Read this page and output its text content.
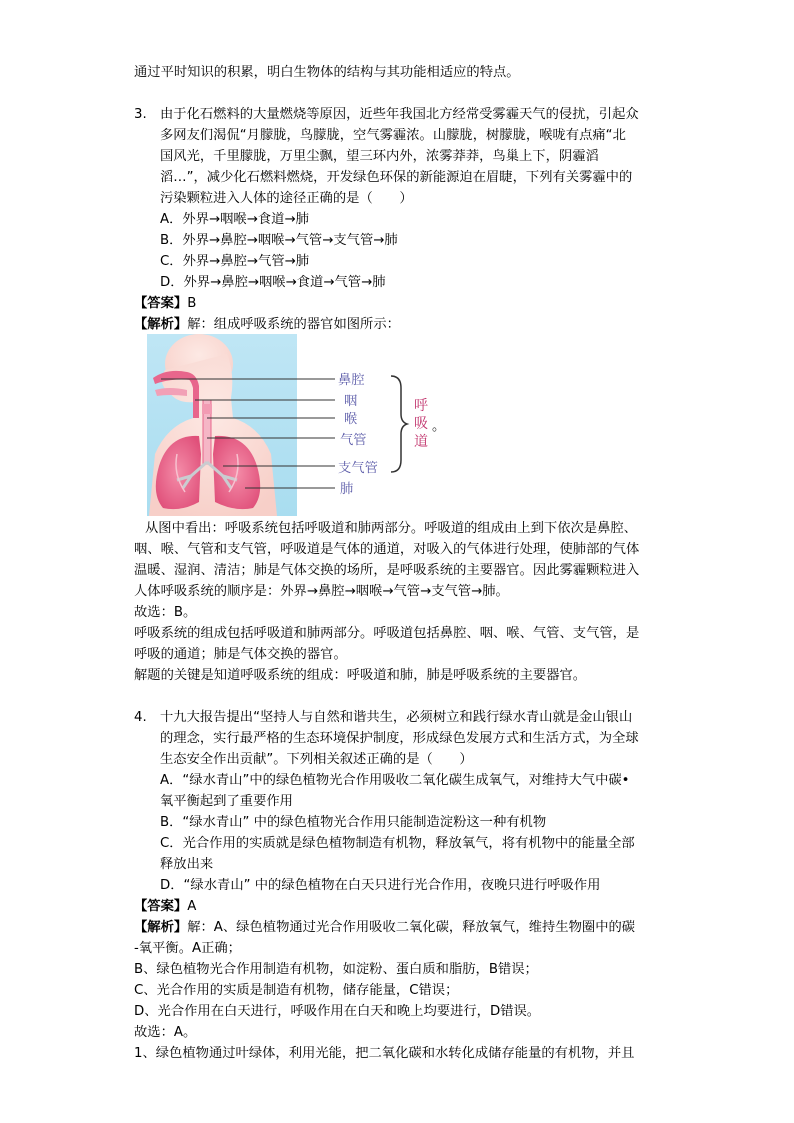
通过平时知识的积累，明白生物体的结构与其功能相适应的特点。
3. 由于化石燃料的大量燃烧等原因，近些年我国北方经常受雾霾天气的侵扰，引起众
多网友们渴侃“月朦胧，鸟朦胧，空气雾霾浓。山朦胧，树朦胧，喉咙有点痛“北
国风光，千里朦胧，万里尘飘，望三环内外，浓雾莽莽，鸟巢上下，阴霾滔
滔…”，减少化石燃料燃烧，开发绿色环保的新能源迫在眉睫，下列有关雾霾中的
污染颗粒进入人体的途径正确的是（　　）
A．外界→咽喉→食道→肺
B．外界→鼻腔→咽喉→气管→支气管→肺
C．外界→鼻腔→气管→肺
D．外界→鼻腔→咽喉→食道→气管→肺
【答案】B
【解析】解：组成呼吸系统的器官如图所示：
鼻腔
咽
喉
气管
支气管
肺
呼
吸
道
。
从图中看出：呼吸系统包括呼吸道和肺两部分。呼吸道的组成由上到下依次是鼻腔、
咽、喉、气管和支气管，呼吸道是气体的通道，对吸入的气体进行处理，使肺部的气体
温暖、湿润、清洁；肺是气体交换的场所，是呼吸系统的主要器官。因此雾霾颗粒进入
人体呼吸系统的顺序是：外界→鼻腔→咽喉→气管→支气管→肺。
故选：B。
呼吸系统的组成包括呼吸道和肺两部分。呼吸道包括鼻腔、咽、喉、气管、支气管，是
呼吸的通道；肺是气体交换的器官。
解题的关键是知道呼吸系统的组成：呼吸道和肺，肺是呼吸系统的主要器官。
4. 十九大报告提出“坚持人与自然和谐共生，必须树立和践行绿水青山就是金山银山
的理念，实行最严格的生态环境保护制度，形成绿色发展方式和生活方式，为全球
生态安全作出贡献”。下列相关叙述正确的是（　　）
A．“绿水青山”中的绿色植物光合作用吸收二氧化碳生成氧气，对维持大气中碳•
氧平衡起到了重要作用
B．“绿水青山” 中的绿色植物光合作用只能制造淀粉这一种有机物
C．光合作用的实质就是绿色植物制造有机物，释放氧气，将有机物中的能量全部
释放出来
D．“绿水青山” 中的绿色植物在白天只进行光合作用，夜晚只进行呼吸作用
【答案】A
【解析】解：A、绿色植物通过光合作用吸收二氧化碳，释放氧气，维持生物圈中的碳
-氧平衡。A正确；
B、绿色植物光合作用制造有机物，如淀粉、蛋白质和脂肪，B错误；
C、光合作用的实质是制造有机物，储存能量，C错误；
D、光合作用在白天进行，呼吸作用在白天和晚上均要进行，D错误。
故选：A。
1、绿色植物通过叶绿体，利用光能，把二氧化碳和水转化成储存能量的有机物，并且
